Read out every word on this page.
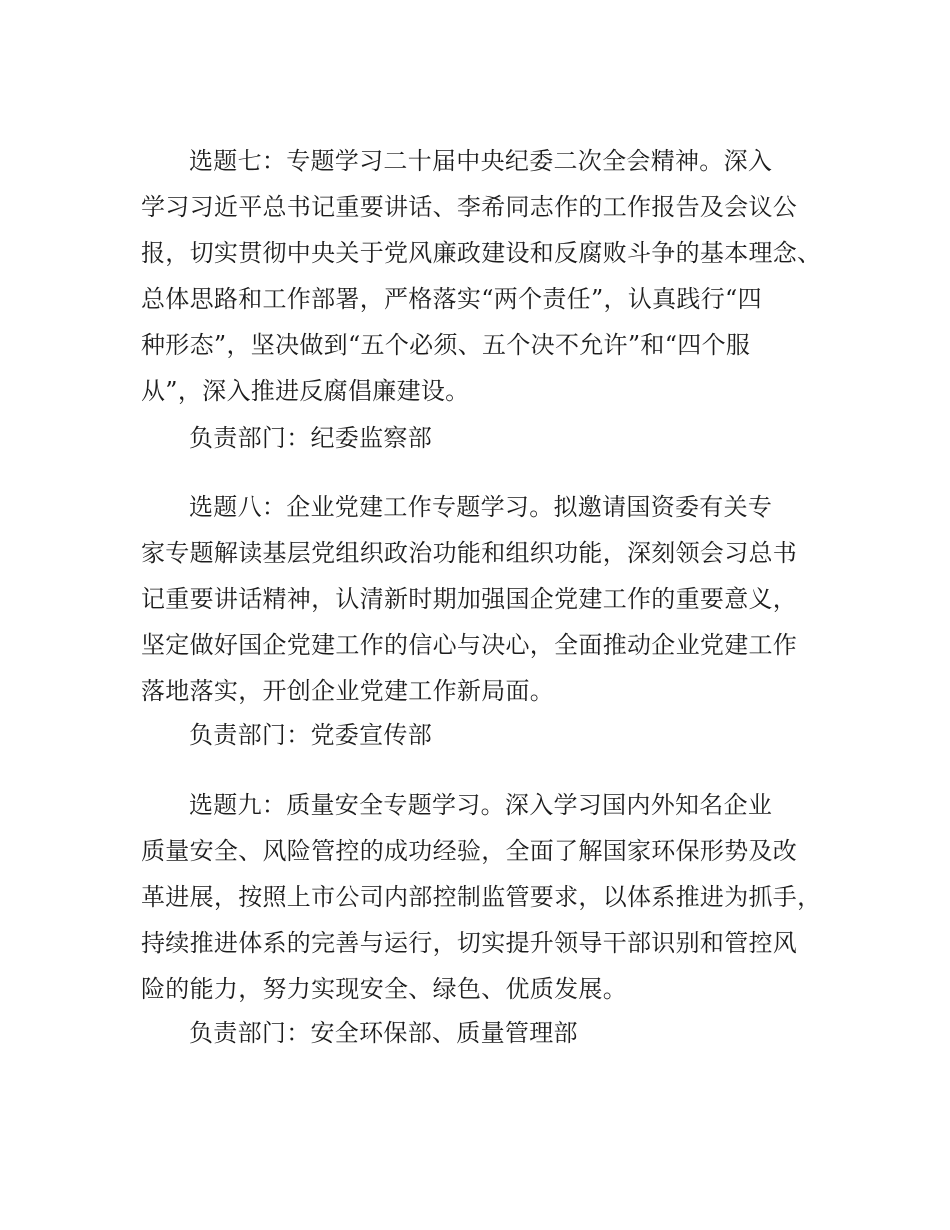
选题七：专题学习二十届中央纪委二次全会精神。深入
学习习近平总书记重要讲话、李希同志作的工作报告及会议公
报，切实贯彻中央关于党风廉政建设和反腐败斗争的基本理念、
总体思路和工作部署，严格落实“两个责任”，认真践行“四
种形态”，坚决做到“五个必须、五个决不允许”和“四个服
从”，深入推进反腐倡廉建设。

负责部门：纪委监察部

选题八：企业党建工作专题学习。拟邀请国资委有关专
家专题解读基层党组织政治功能和组织功能，深刻领会习总书
记重要讲话精神，认清新时期加强国企党建工作的重要意义，
坚定做好国企党建工作的信心与决心，全面推动企业党建工作
落地落实，开创企业党建工作新局面。

负责部门：党委宣传部

选题九：质量安全专题学习。深入学习国内外知名企业
质量安全、风险管控的成功经验，全面了解国家环保形势及改
革进展，按照上市公司内部控制监管要求，以体系推进为抓手，
持续推进体系的完善与运行，切实提升领导干部识别和管控风
险的能力，努力实现安全、绿色、优质发展。

负责部门：安全环保部、质量管理部
